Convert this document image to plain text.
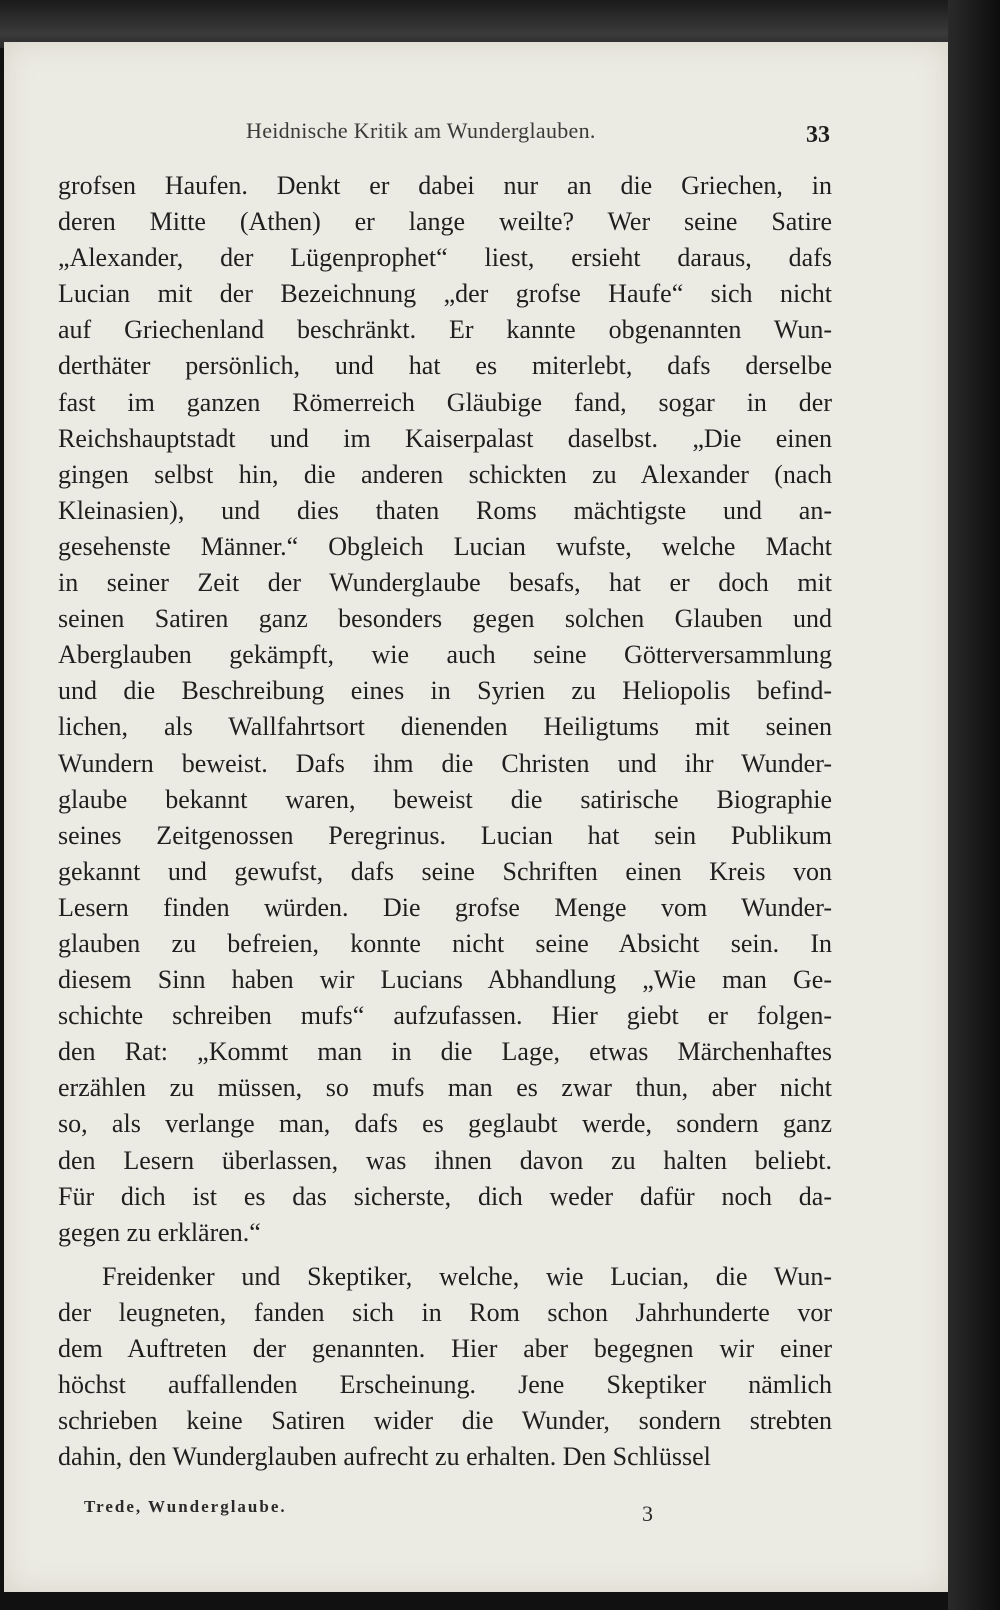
Heidnische Kritik am Wunderglauben.	33
grofsen Haufen. Denkt er dabei nur an die Griechen, in
deren Mitte (Athen) er lange weilte? Wer seine Satire
„Alexander, der Lügenprophet“ liest, ersieht daraus, dafs
Lucian mit der Bezeichnung „der grofse Haufe“ sich nicht
auf Griechenland beschränkt. Er kannte obgenannten Wun-
derthäter persönlich, und hat es miterlebt, dafs derselbe
fast im ganzen Römerreich Gläubige fand, sogar in der
Reichshauptstadt und im Kaiserpalast daselbst. „Die einen
gingen selbst hin, die anderen schickten zu Alexander (nach
Kleinasien), und dies thaten Roms mächtigste und an-
gesehenste Männer.“ Obgleich Lucian wufste, welche Macht
in seiner Zeit der Wunderglaube besafs, hat er doch mit
seinen Satiren ganz besonders gegen solchen Glauben und
Aberglauben gekämpft, wie auch seine Götterversammlung
und die Beschreibung eines in Syrien zu Heliopolis befind-
lichen, als Wallfahrtsort dienenden Heiligtums mit seinen
Wundern beweist. Dafs ihm die Christen und ihr Wunder-
glaube bekannt waren, beweist die satirische Biographie
seines Zeitgenossen Peregrinus. Lucian hat sein Publikum
gekannt und gewufst, dafs seine Schriften einen Kreis von
Lesern finden würden. Die grofse Menge vom Wunder-
glauben zu befreien, konnte nicht seine Absicht sein. In
diesem Sinn haben wir Lucians Abhandlung „Wie man Ge-
schichte schreiben mufs“ aufzufassen. Hier giebt er folgen-
den Rat: „Kommt man in die Lage, etwas Märchenhaftes
erzählen zu müssen, so mufs man es zwar thun, aber nicht
so, als verlange man, dafs es geglaubt werde, sondern ganz
den Lesern überlassen, was ihnen davon zu halten beliebt.
Für dich ist es das sicherste, dich weder dafür noch da-
gegen zu erklären.“
Freidenker und Skeptiker, welche, wie Lucian, die Wun-
der leugneten, fanden sich in Rom schon Jahrhunderte vor
dem Auftreten der genannten. Hier aber begegnen wir einer
höchst auffallenden Erscheinung. Jene Skeptiker nämlich
schrieben keine Satiren wider die Wunder, sondern strebten
dahin, den Wunderglauben aufrecht zu erhalten. Den Schlüssel
Trede, Wunderglaube.	3
